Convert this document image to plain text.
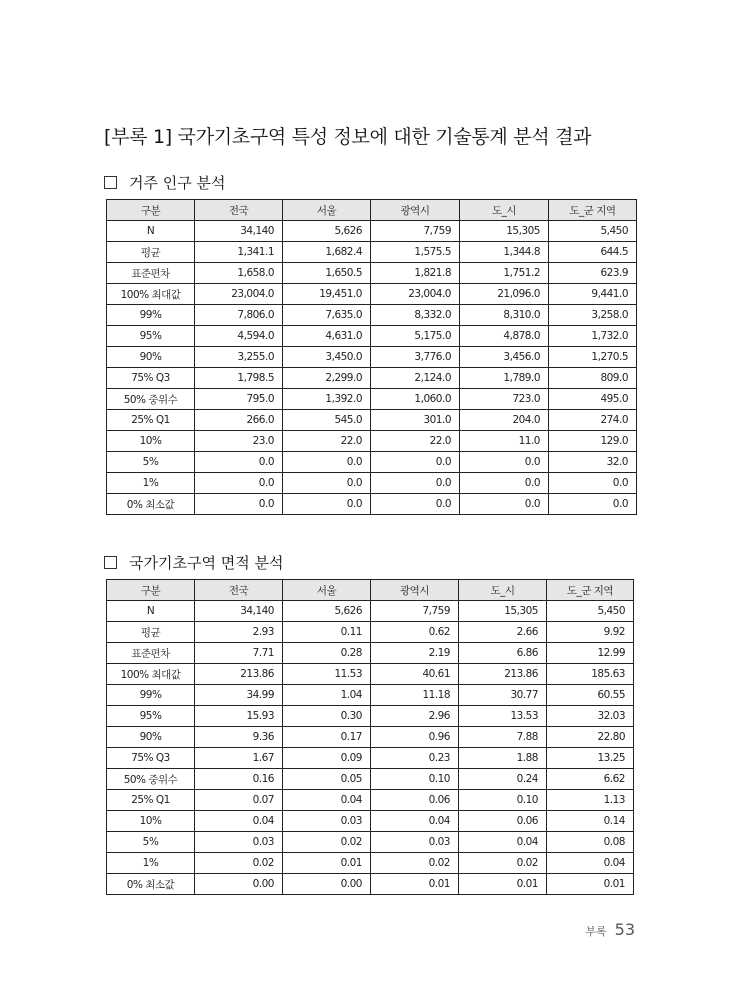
[부록 1] 국가기초구역 특성 정보에 대한 기술통계 분석 결과
거주 인구 분석
구분	전국	서울	광역시	도_시	도_군 지역
N	34,140	5,626	7,759	15,305	5,450
평균	1,341.1	1,682.4	1,575.5	1,344.8	644.5
표준편차	1,658.0	1,650.5	1,821.8	1,751.2	623.9
100% 최대값	23,004.0	19,451.0	23,004.0	21,096.0	9,441.0
99%	7,806.0	7,635.0	8,332.0	8,310.0	3,258.0
95%	4,594.0	4,631.0	5,175.0	4,878.0	1,732.0
90%	3,255.0	3,450.0	3,776.0	3,456.0	1,270.5
75% Q3	1,798.5	2,299.0	2,124.0	1,789.0	809.0
50% 중위수	795.0	1,392.0	1,060.0	723.0	495.0
25% Q1	266.0	545.0	301.0	204.0	274.0
10%	23.0	22.0	22.0	11.0	129.0
5%	0.0	0.0	0.0	0.0	32.0
1%	0.0	0.0	0.0	0.0	0.0
0% 최소값	0.0	0.0	0.0	0.0	0.0
국가기초구역 면적 분석
구분	전국	서울	광역시	도_시	도_군 지역
N	34,140	5,626	7,759	15,305	5,450
평균	2.93	0.11	0.62	2.66	9.92
표준편차	7.71	0.28	2.19	6.86	12.99
100% 최대값	213.86	11.53	40.61	213.86	185.63
99%	34.99	1.04	11.18	30.77	60.55
95%	15.93	0.30	2.96	13.53	32.03
90%	9.36	0.17	0.96	7.88	22.80
75% Q3	1.67	0.09	0.23	1.88	13.25
50% 중위수	0.16	0.05	0.10	0.24	6.62
25% Q1	0.07	0.04	0.06	0.10	1.13
10%	0.04	0.03	0.04	0.06	0.14
5%	0.03	0.02	0.03	0.04	0.08
1%	0.02	0.01	0.02	0.02	0.04
0% 최소값	0.00	0.00	0.01	0.01	0.01
부록 53
